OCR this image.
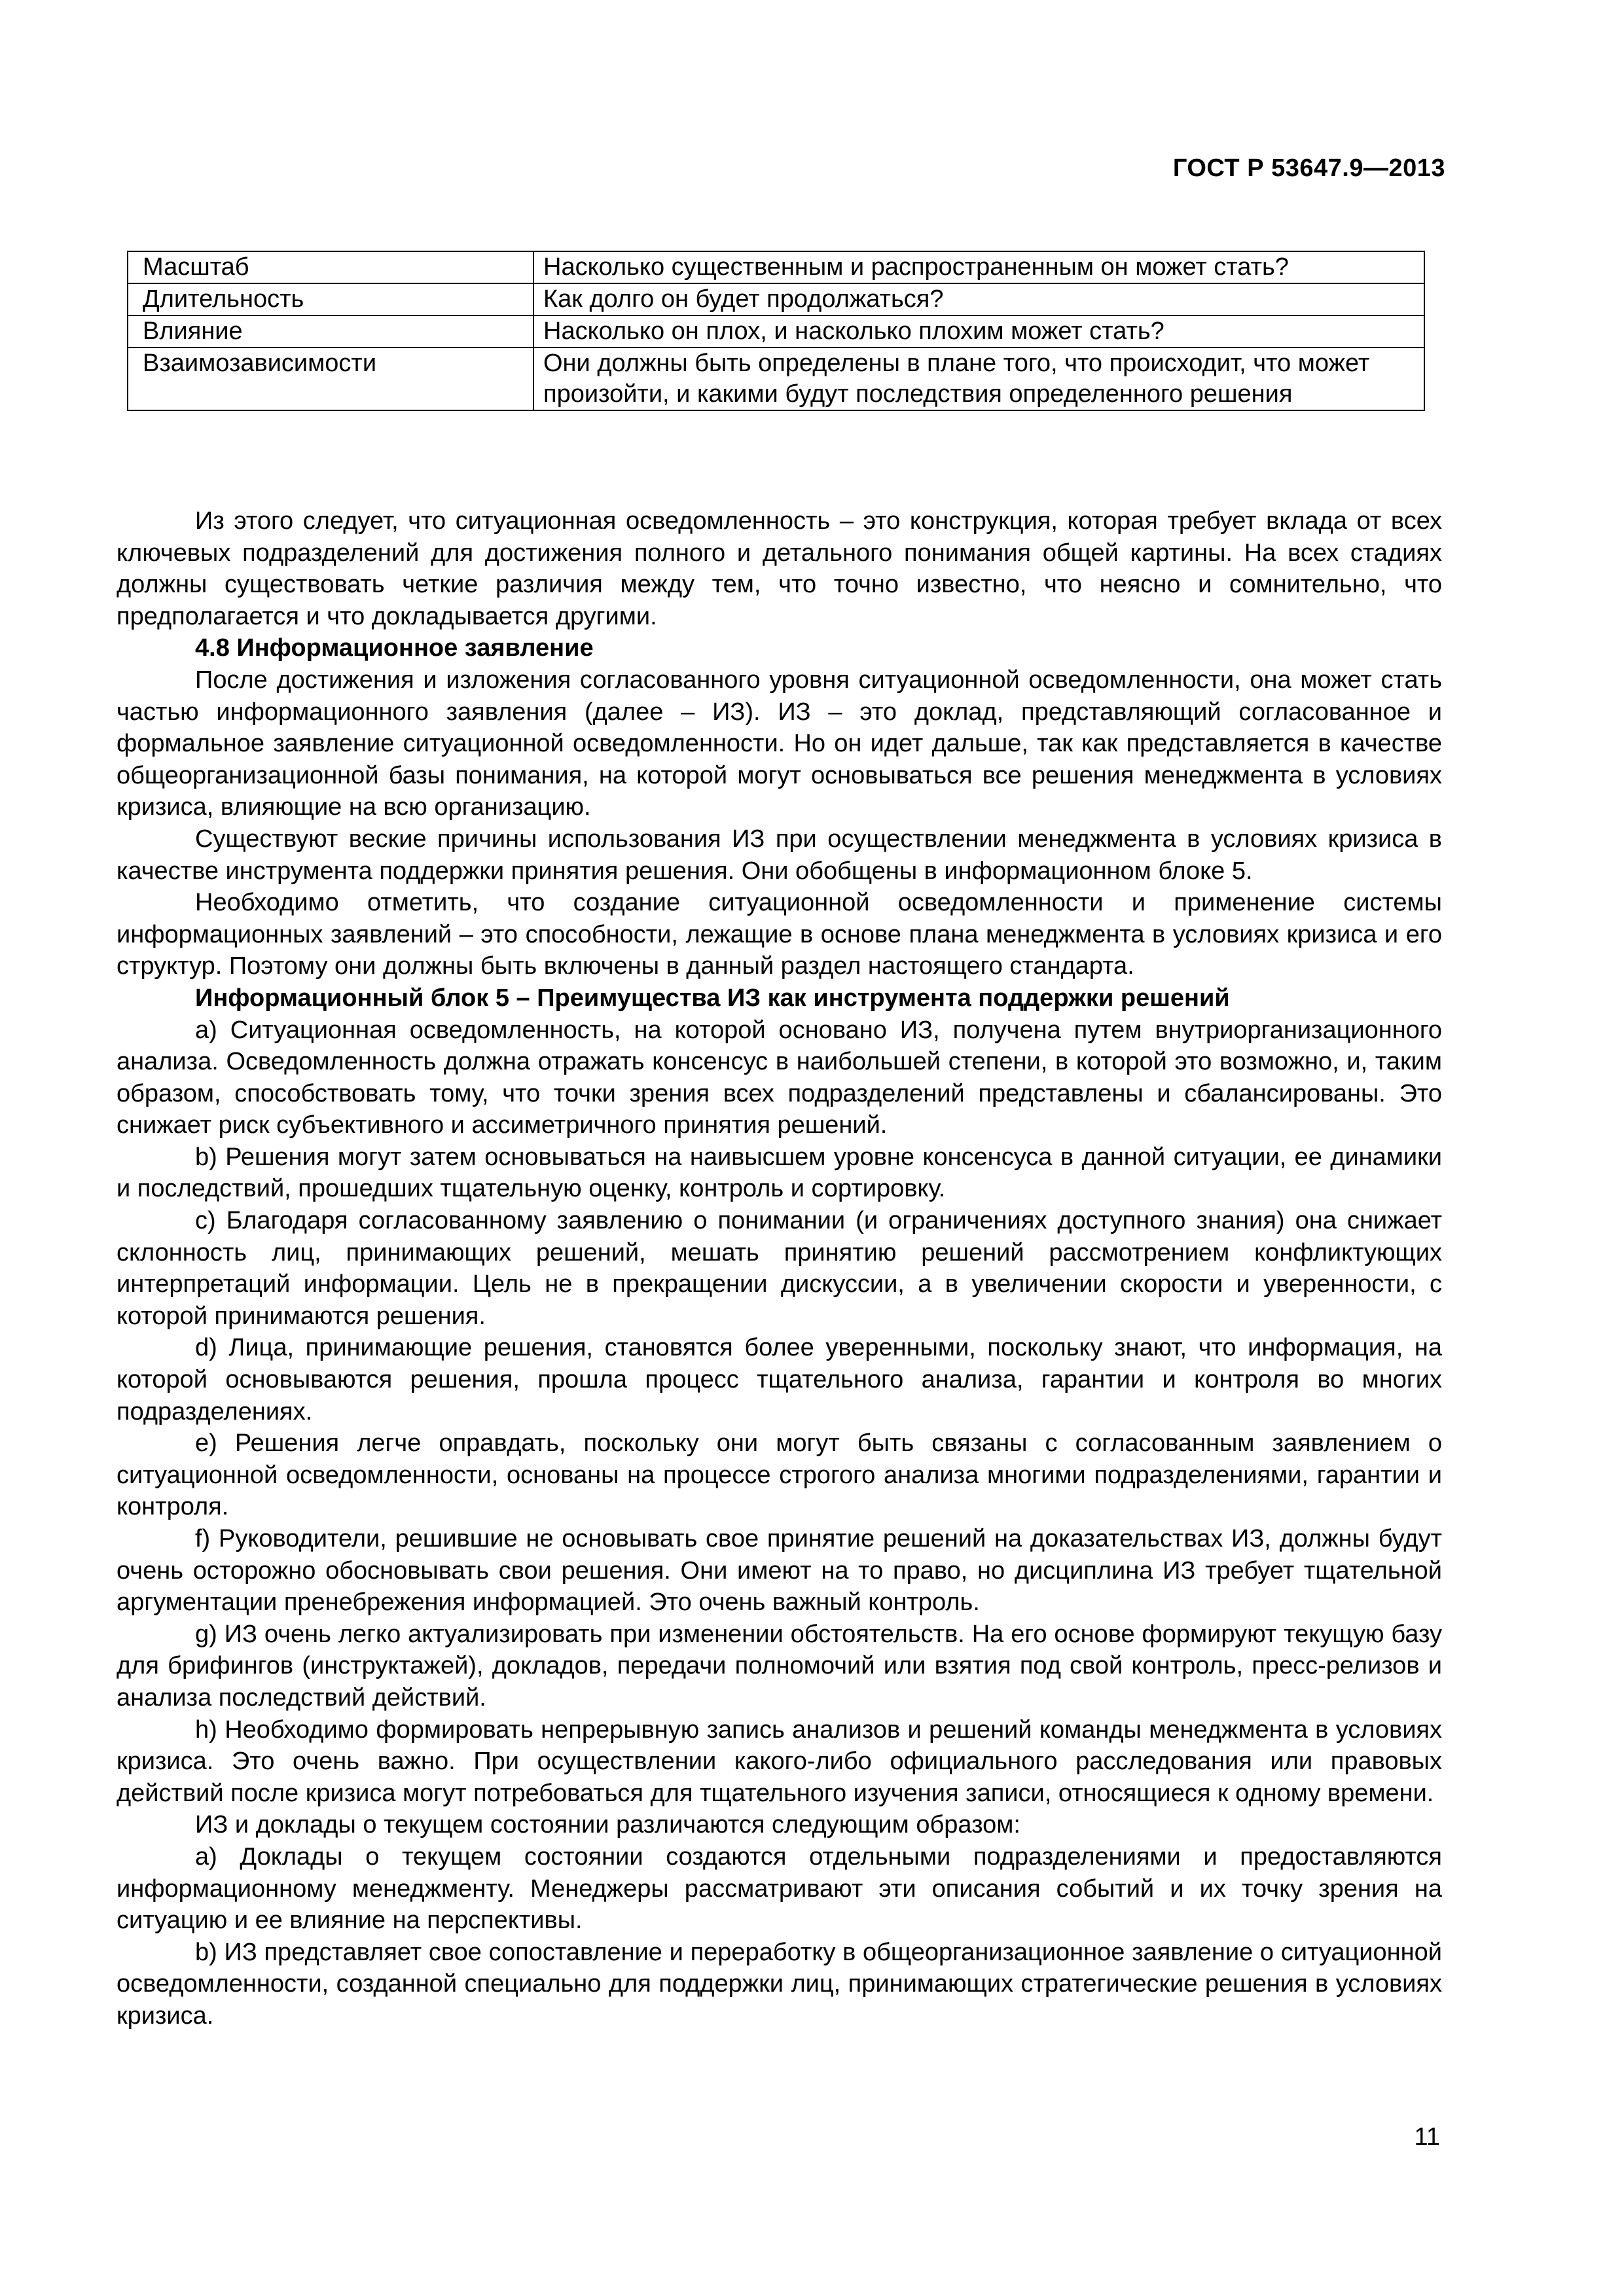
ГОСТ Р 53647.9—2013
Масштаб	Насколько существенным и распространенным он может стать?
Длительность	Как долго он будет продолжаться?
Влияние	Насколько он плох, и насколько плохим может стать?
Взаимозависимости	Они должны быть определены в плане того, что происходит, что может произойти, и какими будут последствия определенного решения

Из этого следует, что ситуационная осведомленность – это конструкция, которая требует вклада от всех ключевых подразделений для достижения полного и детального понимания общей картины. На всех стадиях должны существовать четкие различия между тем, что точно известно, что неясно и сомнительно, что предполагается и что докладывается другими.

4.8 Информационное заявление

После достижения и изложения согласованного уровня ситуационной осведомленности, она может стать частью информационного заявления (далее – ИЗ). ИЗ – это доклад, представляющий согласованное и формальное заявление ситуационной осведомленности. Но он идет дальше, так как представляется в качестве общеорганизационной базы понимания, на которой могут основываться все решения менеджмента в условиях кризиса, влияющие на всю организацию.

Существуют веские причины использования ИЗ при осуществлении менеджмента в условиях кризиса в качестве инструмента поддержки принятия решения. Они обобщены в информационном блоке 5.

Необходимо отметить, что создание ситуационной осведомленности и применение системы информационных заявлений – это способности, лежащие в основе плана менеджмента в условиях кризиса и его структур. Поэтому они должны быть включены в данный раздел настоящего стандарта.

Информационный блок 5 – Преимущества ИЗ как инструмента поддержки решений

a) Ситуационная осведомленность, на которой основано ИЗ, получена путем внутриорганизационного анализа. Осведомленность должна отражать консенсус в наибольшей степени, в которой это возможно, и, таким образом, способствовать тому, что точки зрения всех подразделений представлены и сбалансированы. Это снижает риск субъективного и ассиметричного принятия решений.

b) Решения могут затем основываться на наивысшем уровне консенсуса в данной ситуации, ее динамики и последствий, прошедших тщательную оценку, контроль и сортировку.

c) Благодаря согласованному заявлению о понимании (и ограничениях доступного знания) она снижает склонность лиц, принимающих решений, мешать принятию решений рассмотрением конфликтующих интерпретаций информации. Цель не в прекращении дискуссии, а в увеличении скорости и уверенности, с которой принимаются решения.

d) Лица, принимающие решения, становятся более уверенными, поскольку знают, что информация, на которой основываются решения, прошла процесс тщательного анализа, гарантии и контроля во многих подразделениях.

e) Решения легче оправдать, поскольку они могут быть связаны с согласованным заявлением о ситуационной осведомленности, основаны на процессе строгого анализа многими подразделениями, гарантии и контроля.

f) Руководители, решившие не основывать свое принятие решений на доказательствах ИЗ, должны будут очень осторожно обосновывать свои решения. Они имеют на то право, но дисциплина ИЗ требует тщательной аргументации пренебрежения информацией. Это очень важный контроль.

g) ИЗ очень легко актуализировать при изменении обстоятельств. На его основе формируют текущую базу для брифингов (инструктажей), докладов, передачи полномочий или взятия под свой контроль, пресс-релизов и анализа последствий действий.

h) Необходимо формировать непрерывную запись анализов и решений команды менеджмента в условиях кризиса. Это очень важно. При осуществлении какого-либо официального расследования или правовых действий после кризиса могут потребоваться для тщательного изучения записи, относящиеся к одному времени.

ИЗ и доклады о текущем состоянии различаются следующим образом:

a) Доклады о текущем состоянии создаются отдельными подразделениями и предоставляются информационному менеджменту. Менеджеры рассматривают эти описания событий и их точку зрения на ситуацию и ее влияние на перспективы.

b) ИЗ представляет свое сопоставление и переработку в общеорганизационное заявление о ситуационной осведомленности, созданной специально для поддержки лиц, принимающих стратегические решения в условиях кризиса.

11
